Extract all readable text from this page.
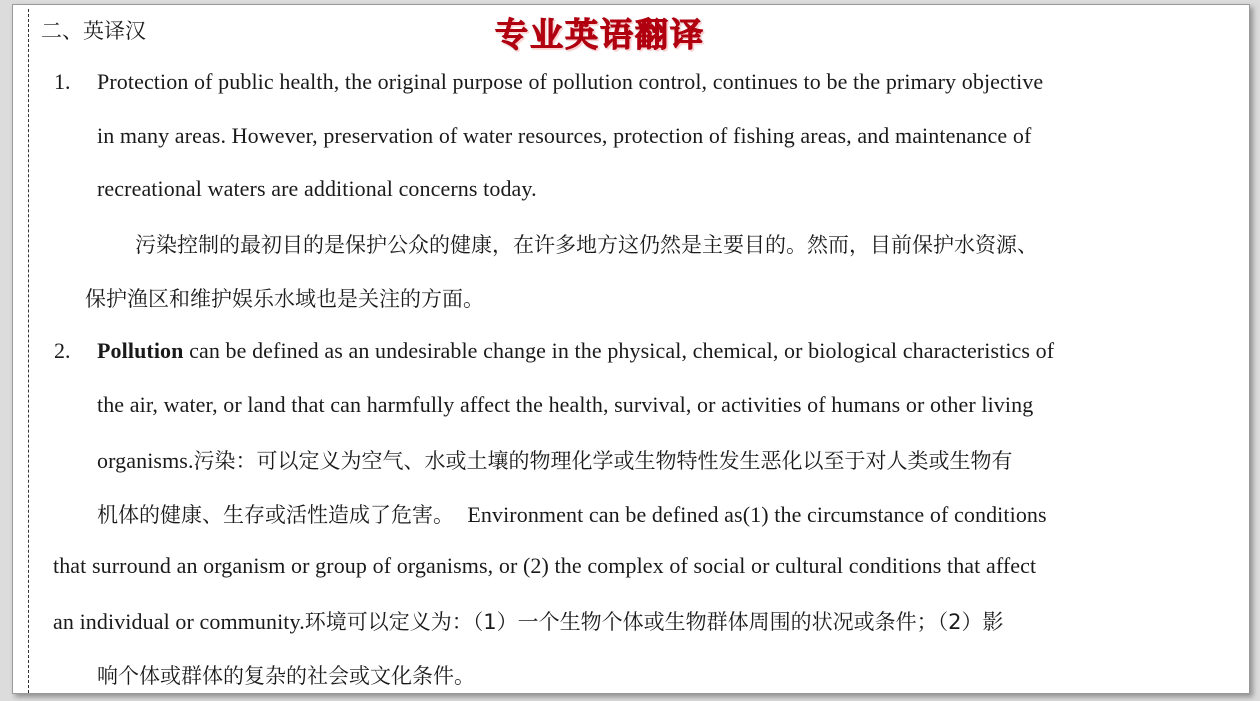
二、英译汉	专业英语翻译
1. Protection of public health, the original purpose of pollution control, continues to be the primary objective
in many areas. However, preservation of water resources, protection of fishing areas, and maintenance of
recreational waters are additional concerns today.
污染控制的最初目的是保护公众的健康，在许多地方这仍然是主要目的。然而，目前保护水资源、
保护渔区和维护娱乐水域也是关注的方面。
2. Pollution can be defined as an undesirable change in the physical, chemical, or biological characteristics of
the air, water, or land that can harmfully affect the health, survival, or activities of humans or other living
organisms.污染：可以定义为空气、水或土壤的物理化学或生物特性发生恶化以至于对人类或生物有
机体的健康、生存或活性造成了危害。 Environment can be defined as(1) the circumstance of conditions
that surround an organism or group of organisms, or (2) the complex of social or cultural conditions that affect
an individual or community.环境可以定义为：（1）一个生物个体或生物群体周围的状况或条件；（2）影
响个体或群体的复杂的社会或文化条件。
